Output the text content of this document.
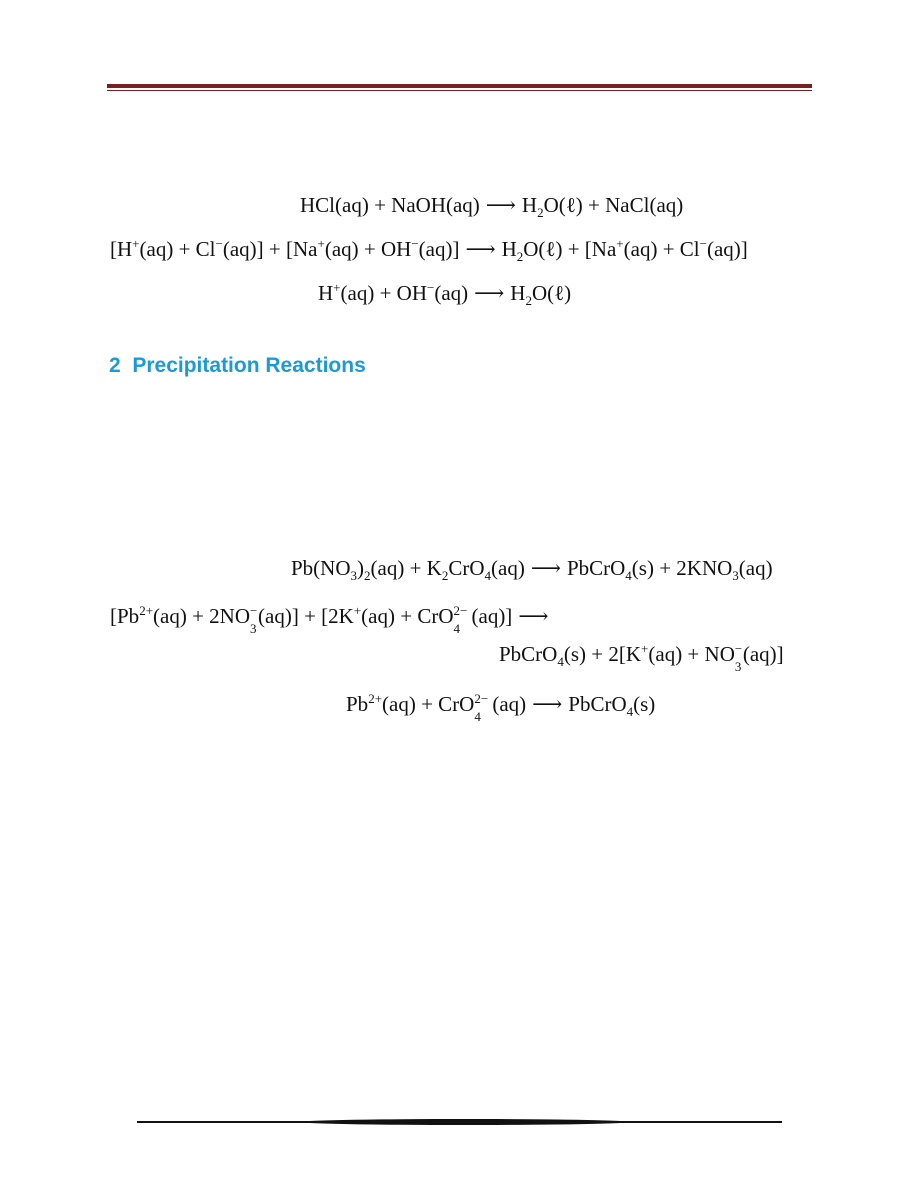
HCl(aq) + NaOH(aq) ⟶ $H_2O(\ell)$ + NaCl(aq)
[H+(aq) + Cl−(aq)] + [Na+(aq) + OH−(aq)] ⟶ $H_2O(\ell) + [Na^+(aq) + Cl^-(aq)]$
H+(aq) + OH−(aq) ⟶ $H_2O(\ell)$
2 Precipitation Reactions
$Pb(NO_3)_2(aq) + K_2CrO_4(aq)$ ⟶ PbCrO$_4$(s) + $2KNO_3(aq)$
[$Pb^{2+}(aq) + 2NO$ −
3
(aq)] + [2K+(aq) + CrO 2−
4
(aq)] ⟶
PbCrO$_4$(s) + 2[K+(aq) + NO −
3
(aq)]
$Pb^{2+}(aq)$ + CrO 2−
4
(aq) ⟶ PbCrO$_4$(s)
